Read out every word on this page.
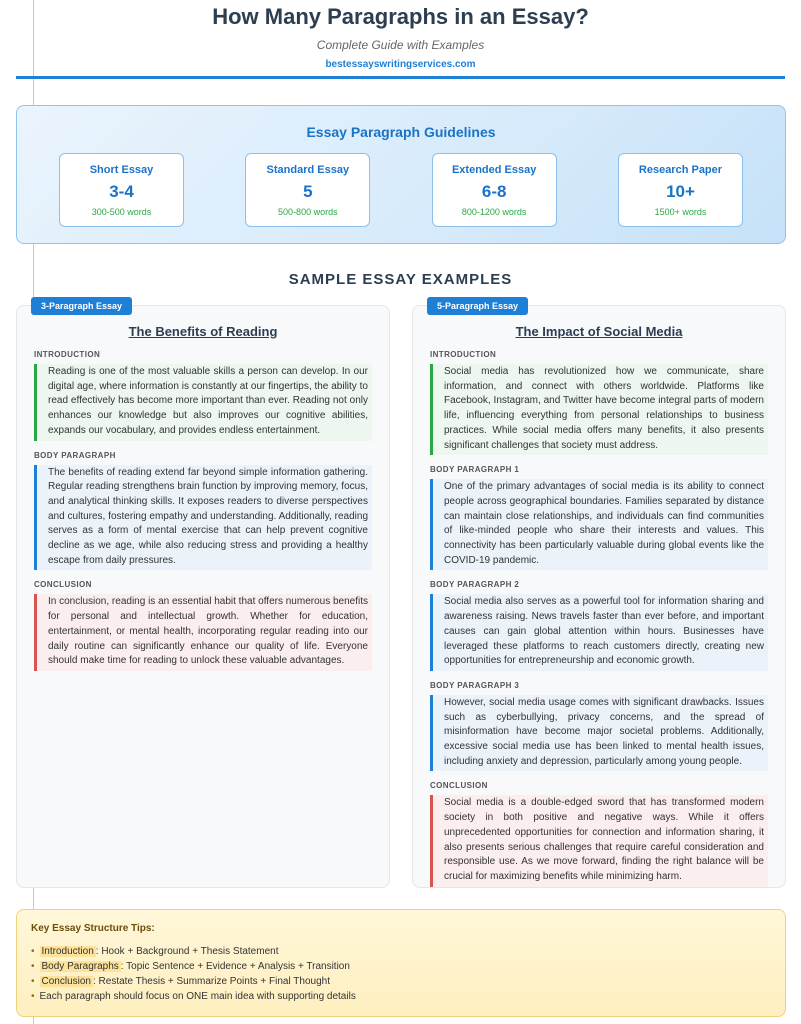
How Many Paragraphs in an Essay?
Complete Guide with Examples
bestessayswritingservices.com
Essay Paragraph Guidelines
Short Essay
3-4
300-500 words
Standard Essay
5
500-800 words
Extended Essay
6-8
800-1200 words
Research Paper
10+
1500+ words
SAMPLE ESSAY EXAMPLES
3-Paragraph Essay
The Benefits of Reading
INTRODUCTION

Reading is one of the most valuable skills a person can develop. In our digital age, where information is constantly at our fingertips, the ability to read effectively has become more important than ever. Reading not only enhances our knowledge but also improves our cognitive abilities, expands our vocabulary, and provides endless entertainment.

BODY PARAGRAPH

The benefits of reading extend far beyond simple information gathering. Regular reading strengthens brain function by improving memory, focus, and analytical thinking skills. It exposes readers to diverse perspectives and cultures, fostering empathy and understanding. Additionally, reading serves as a form of mental exercise that can help prevent cognitive decline as we age, while also reducing stress and providing a healthy escape from daily pressures.

CONCLUSION

In conclusion, reading is an essential habit that offers numerous benefits for personal and intellectual growth. Whether for education, entertainment, or mental health, incorporating regular reading into our daily routine can significantly enhance our quality of life. Everyone should make time for reading to unlock these valuable advantages.

5-Paragraph Essay
The Impact of Social Media
INTRODUCTION

Social media has revolutionized how we communicate, share information, and connect with others worldwide. Platforms like Facebook, Instagram, and Twitter have become integral parts of modern life, influencing everything from personal relationships to business practices. While social media offers many benefits, it also presents significant challenges that society must address.

BODY PARAGRAPH 1

One of the primary advantages of social media is its ability to connect people across geographical boundaries. Families separated by distance can maintain close relationships, and individuals can find communities of like-minded people who share their interests and values. This connectivity has been particularly valuable during global events like the COVID-19 pandemic.

BODY PARAGRAPH 2

Social media also serves as a powerful tool for information sharing and awareness raising. News travels faster than ever before, and important causes can gain global attention within hours. Businesses have leveraged these platforms to reach customers directly, creating new opportunities for entrepreneurship and economic growth.

BODY PARAGRAPH 3

However, social media usage comes with significant drawbacks. Issues such as cyberbullying, privacy concerns, and the spread of misinformation have become major societal problems. Additionally, excessive social media use has been linked to mental health issues, including anxiety and depression, particularly among young people.

CONCLUSION

Social media is a double-edged sword that has transformed modern society in both positive and negative ways. While it offers unprecedented opportunities for connection and information sharing, it also presents serious challenges that require careful consideration and responsible use. As we move forward, finding the right balance will be crucial for maximizing benefits while minimizing harm.

Key Essay Structure Tips:
• Introduction : Hook + Background + Thesis Statement
• Body Paragraphs : Topic Sentence + Evidence + Analysis + Transition
• Conclusion : Restate Thesis + Summarize Points + Final Thought
• Each paragraph should focus on ONE main idea with supporting details
